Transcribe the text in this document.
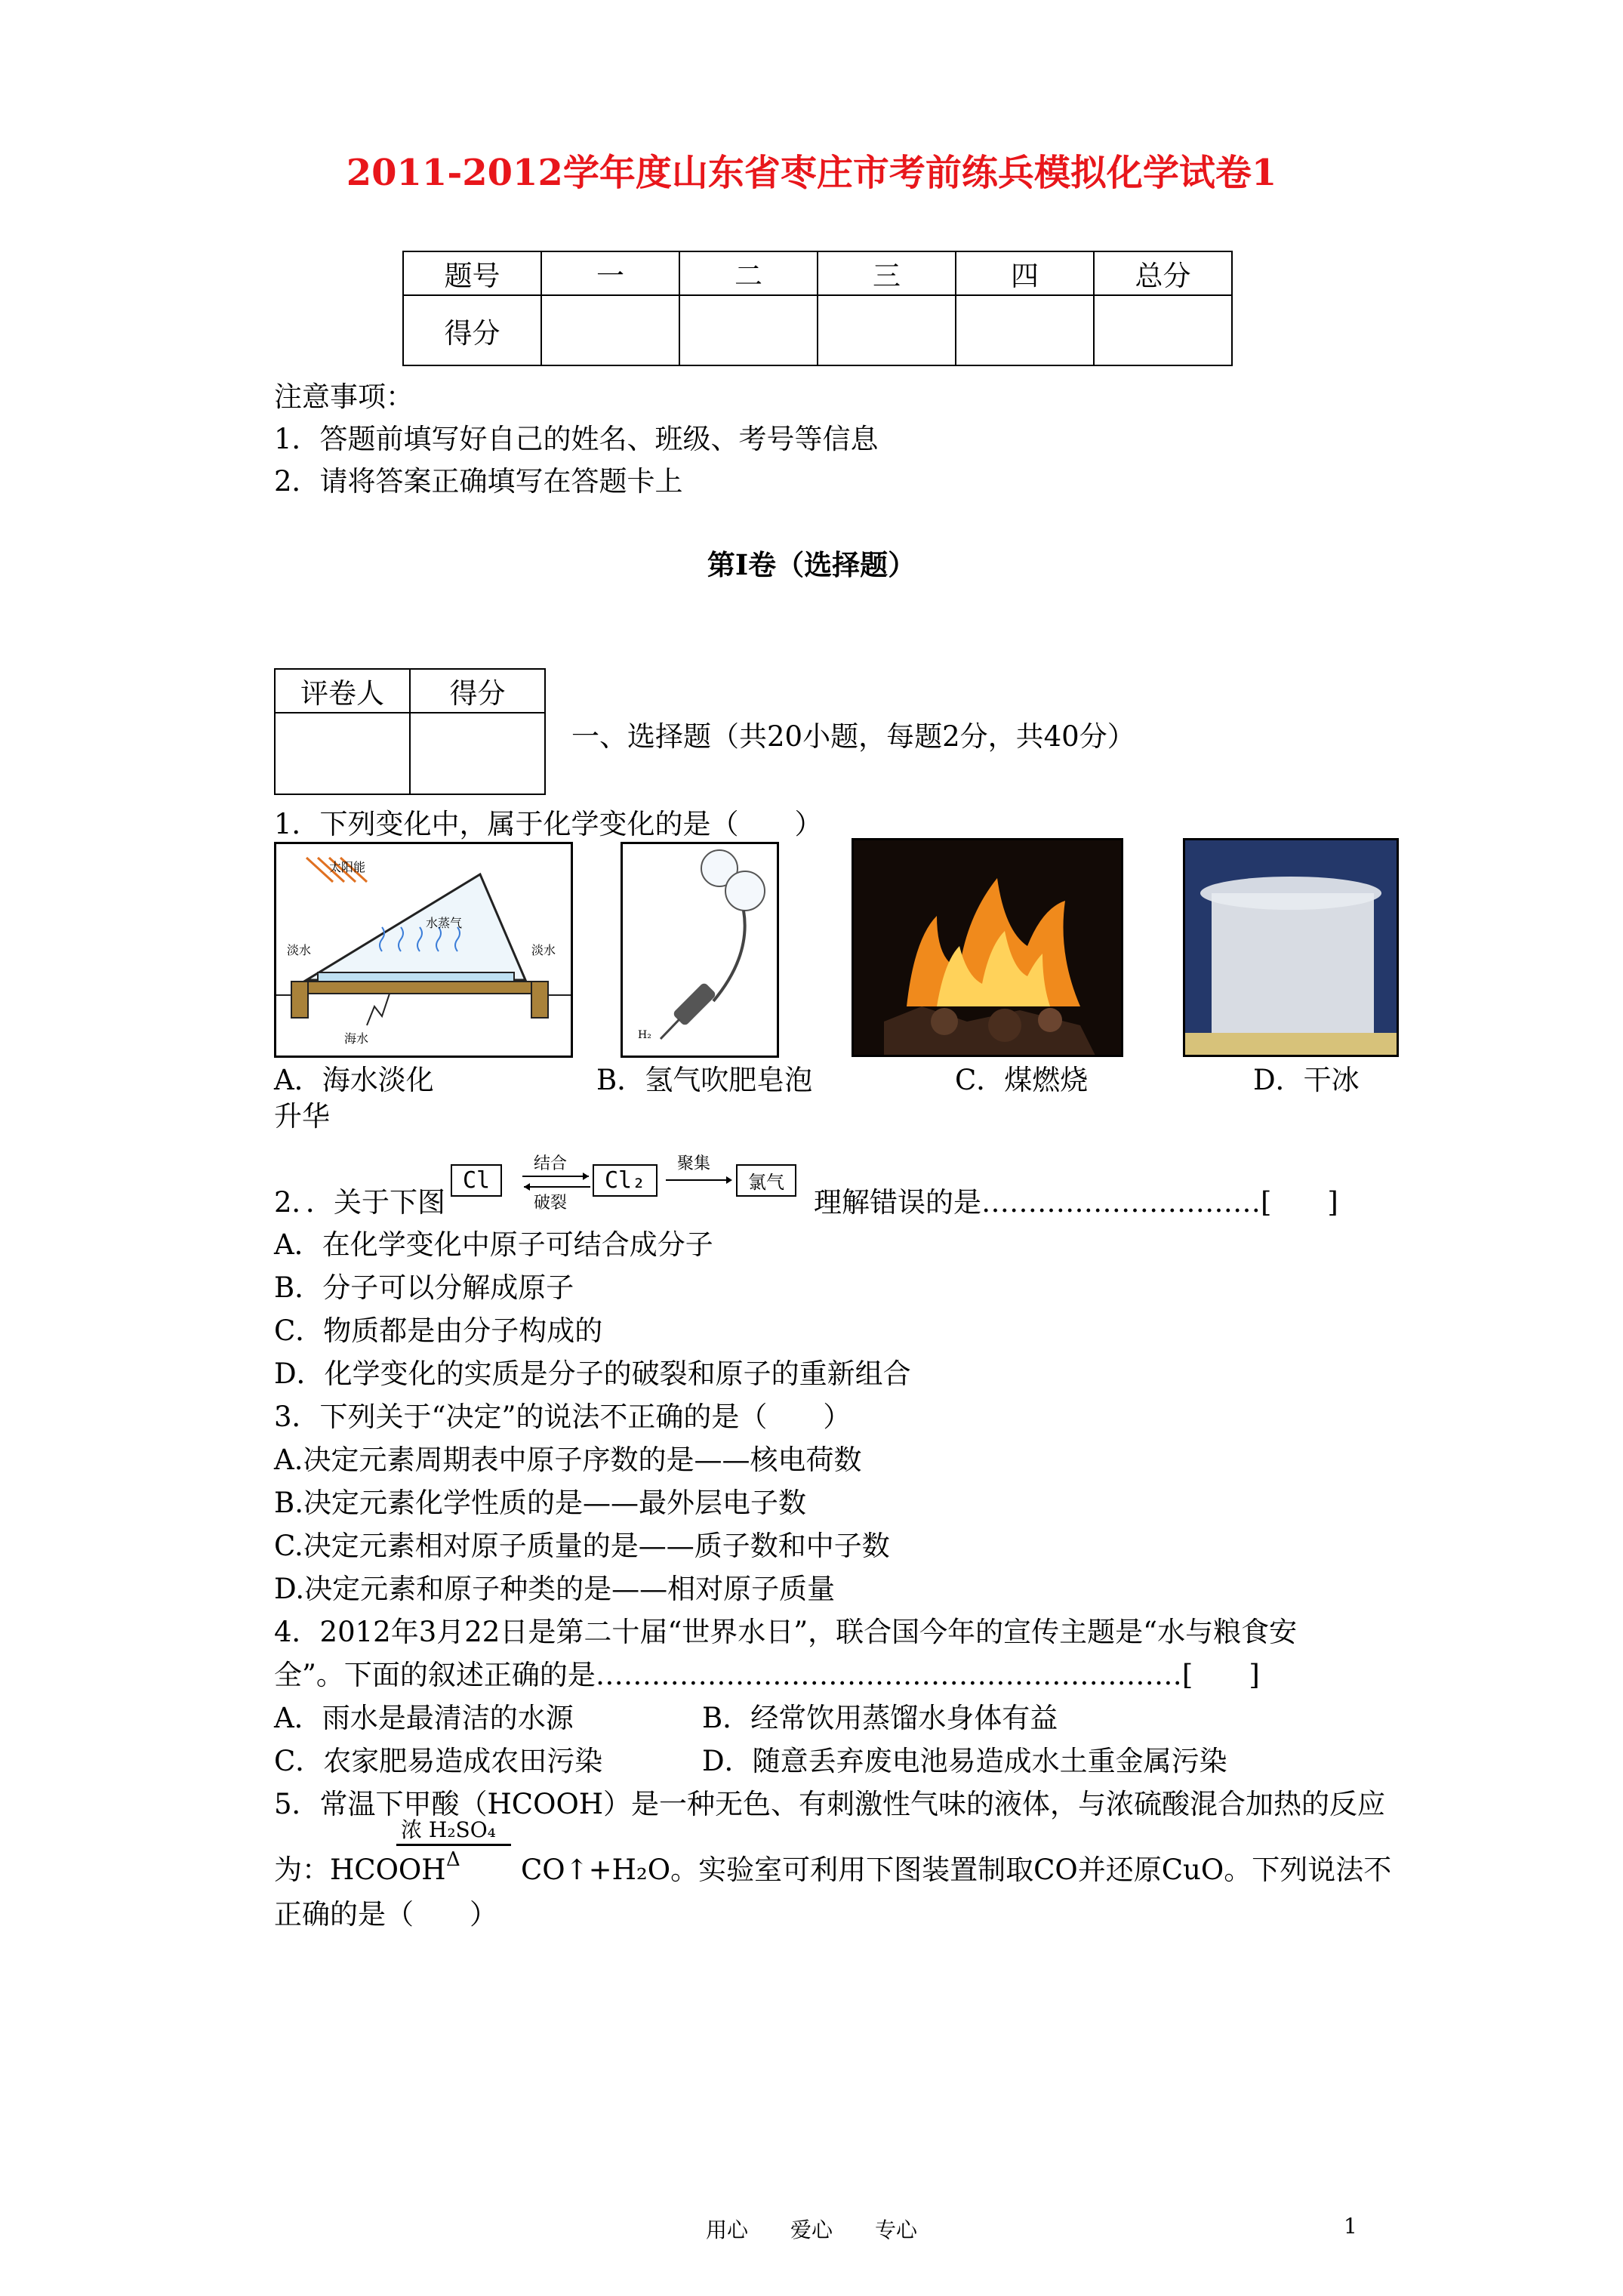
2011-2012学年度山东省枣庄市考前练兵模拟化学试卷1
题号	一	二	三	四	总分
得分					
注意事项：
1．答题前填写好自己的姓名、班级、考号等信息
2．请将答案正确填写在答题卡上
第I卷（选择题）
评卷人	得分

一、选择题（共20小题，每题2分，共40分）
1．下列变化中，属于化学变化的是（　　）
太阳能
淡水
水蒸气
淡水
海水	H₂
A．海水淡化	B．氢气吹肥皂泡	C．煤燃烧	D．干冰
升华
2．．关于下图
Cl
结合
破裂
Cl₂
聚集
氯气
理解错误的是…………………………[　　]
A．在化学变化中原子可结合成分子
B．分子可以分解成原子
C．物质都是由分子构成的
D．化学变化的实质是分子的破裂和原子的重新组合
3．下列关于“决定”的说法不正确的是（　　）
A.决定元素周期表中原子序数的是——核电荷数
B.决定元素化学性质的是——最外层电子数
C.决定元素相对原子质量的是——质子数和中子数
D.决定元素和原子种类的是——相对原子质量
4．2012年3月22日是第二十届“世界水日”，联合国今年的宣传主题是“水与粮食安
全”。下面的叙述正确的是………………………………………………………[　　]
A．雨水是最清洁的水源	B．经常饮用蒸馏水身体有益
C．农家肥易造成农田污染	D．随意丢弃废电池易造成水土重金属污染
5．常温下甲酸（HCOOH）是一种无色、有刺激性气味的液体，与浓硫酸混合加热的反应
为：HCOOH
浓 H₂SO₄
Δ CO↑+H₂O。实验室可利用下图装置制取CO并还原CuO。下列说法不
正确的是（　　）
用心　　爱心　　专心	1
